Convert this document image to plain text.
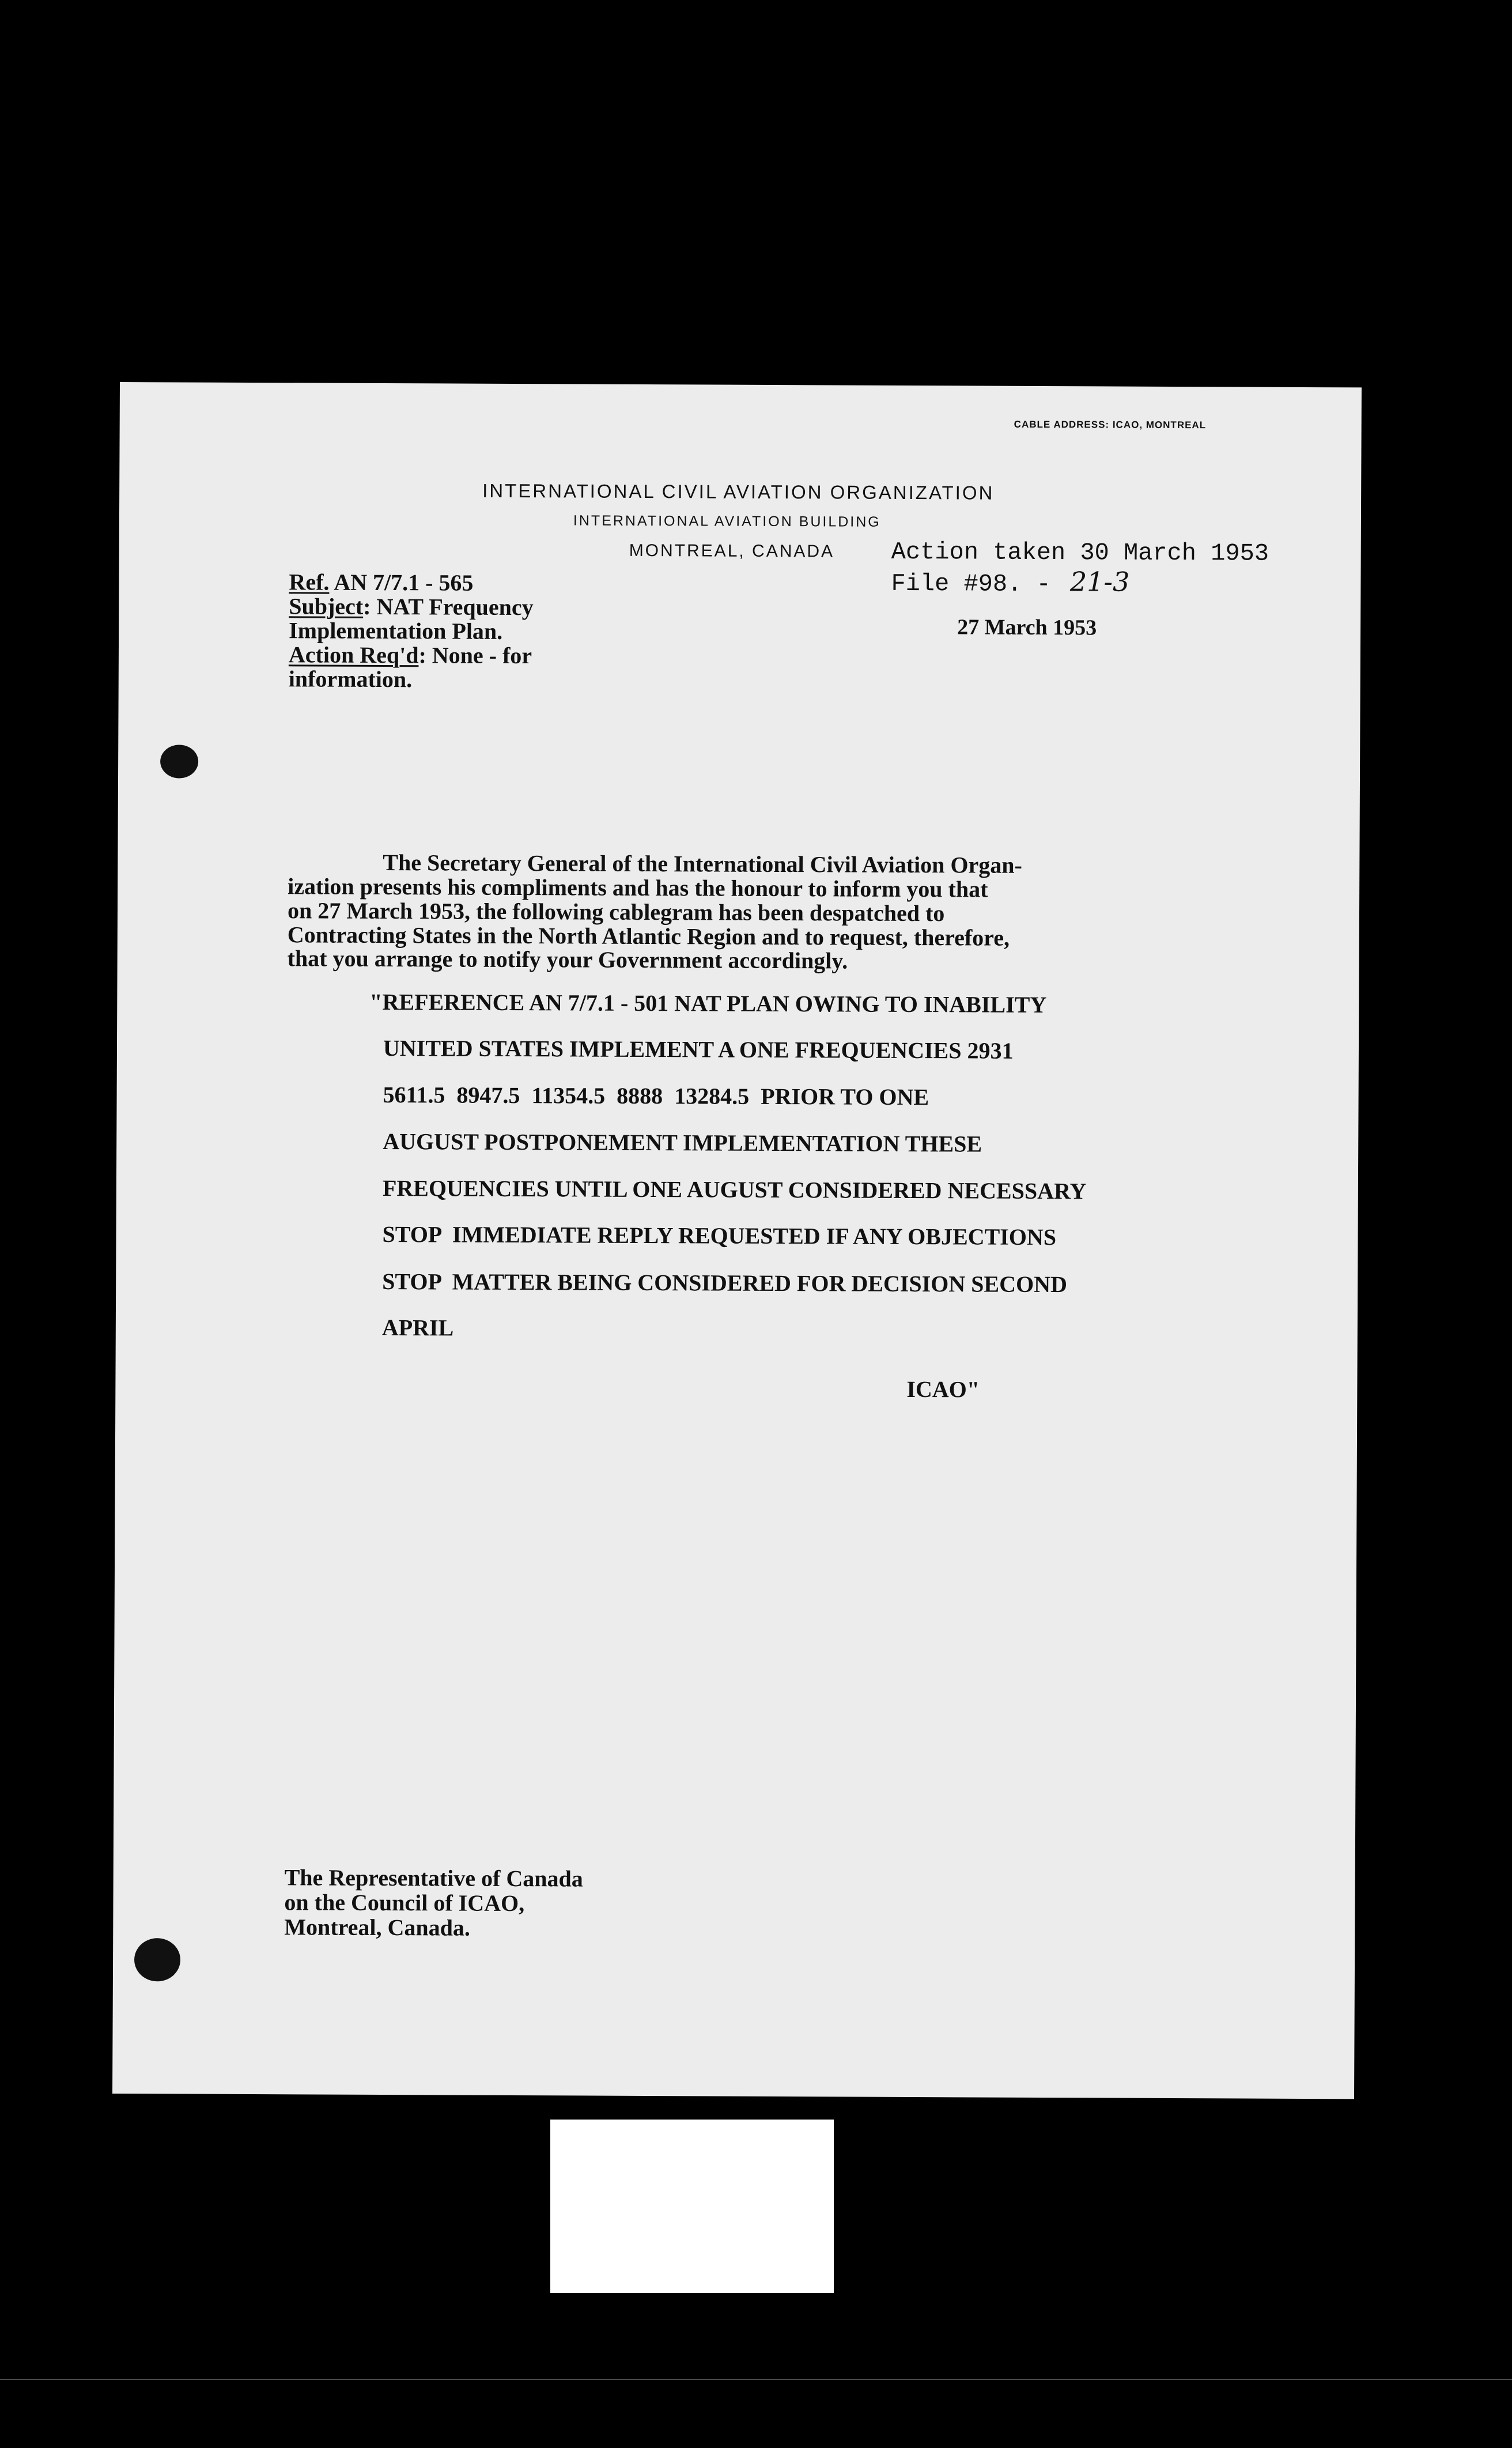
CABLE ADDRESS: ICAO, MONTREAL
INTERNATIONAL CIVIL AVIATION ORGANIZATION
INTERNATIONAL AVIATION BUILDING
MONTREAL, CANADA Action taken 30 March 1953
File #98. - 21-3
27 March 1953
Ref. AN 7/7.1 - 565
Subject: NAT Frequency
Implementation Plan.
Action Req'd: None - for
information.
The Secretary General of the International Civil Aviation Organ-
ization presents his compliments and has the honour to inform you that
on 27 March 1953, the following cablegram has been despatched to
Contracting States in the North Atlantic Region and to request, therefore,
that you arrange to notify your Government accordingly.
"REFERENCE AN 7/7.1 - 501 NAT PLAN OWING TO INABILITY
UNITED STATES IMPLEMENT A ONE FREQUENCIES 2931
5611.5  8947.5  11354.5  8888  13284.5  PRIOR TO ONE
AUGUST POSTPONEMENT IMPLEMENTATION THESE
FREQUENCIES UNTIL ONE AUGUST CONSIDERED NECESSARY
STOP  IMMEDIATE REPLY REQUESTED IF ANY OBJECTIONS
STOP  MATTER BEING CONSIDERED FOR DECISION SECOND
APRIL
ICAO"
The Representative of Canada
on the Council of ICAO,
Montreal, Canada.
